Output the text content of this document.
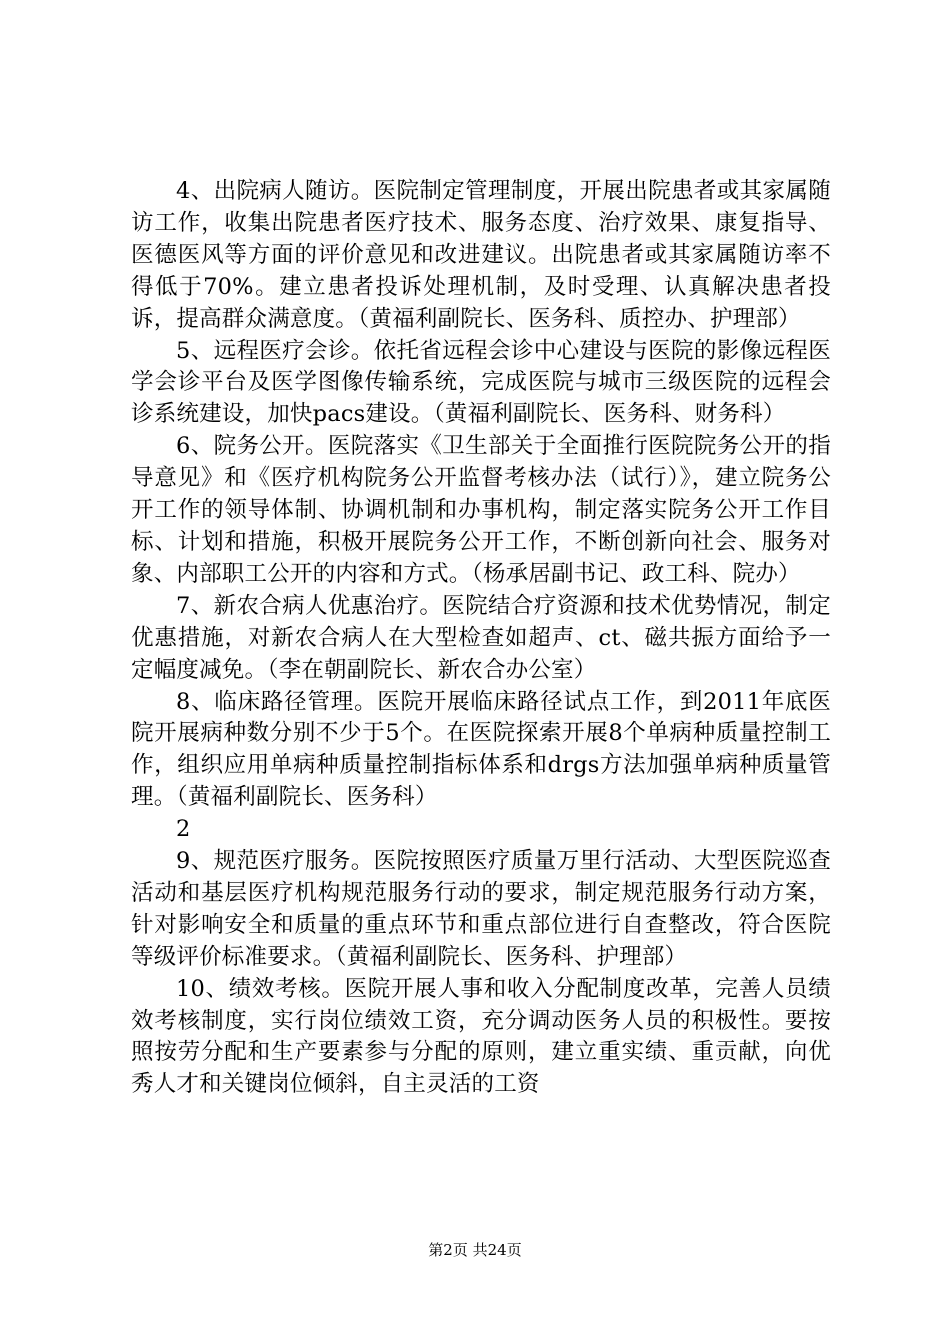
4、出院病人随访。医院制定管理制度，开展出院患者或其家属随访工作，收集出院患者医疗技术、服务态度、治疗效果、康复指导、医德医风等方面的评价意见和改进建议。出院患者或其家属随访率不得低于70%。建立患者投诉处理机制，及时受理、认真解决患者投诉，提高群众满意度。（黄福利副院长、医务科、质控办、护理部）

5、远程医疗会诊。依托省远程会诊中心建设与医院的影像远程医学会诊平台及医学图像传输系统，完成医院与城市三级医院的远程会诊系统建设，加快pacs建设。（黄福利副院长、医务科、财务科）

6、院务公开。医院落实《卫生部关于全面推行医院院务公开的指导意见》和《医疗机构院务公开监督考核办法（试行）》，建立院务公开工作的领导体制、协调机制和办事机构，制定落实院务公开工作目标、计划和措施，积极开展院务公开工作，不断创新向社会、服务对象、内部职工公开的内容和方式。（杨承居副书记、政工科、院办）

7、新农合病人优惠治疗。医院结合疗资源和技术优势情况，制定优惠措施，对新农合病人在大型检查如超声、ct、磁共振方面给予一定幅度减免。（李在朝副院长、新农合办公室）

8、临床路径管理。医院开展临床路径试点工作，到2011年底医院开展病种数分别不少于5个。在医院探索开展8个单病种质量控制工作，组织应用单病种质量控制指标体系和drgs方法加强单病种质量管理。（黄福利副院长、医务科）

2

9、规范医疗服务。医院按照医疗质量万里行活动、大型医院巡查活动和基层医疗机构规范服务行动的要求，制定规范服务行动方案，针对影响安全和质量的重点环节和重点部位进行自查整改，符合医院等级评价标准要求。（黄福利副院长、医务科、护理部）

10、绩效考核。医院开展人事和收入分配制度改革，完善人员绩效考核制度，实行岗位绩效工资，充分调动医务人员的积极性。要按照按劳分配和生产要素参与分配的原则，建立重实绩、重贡献，向优秀人才和关键岗位倾斜，自主灵活的工资

第2页 共24页
